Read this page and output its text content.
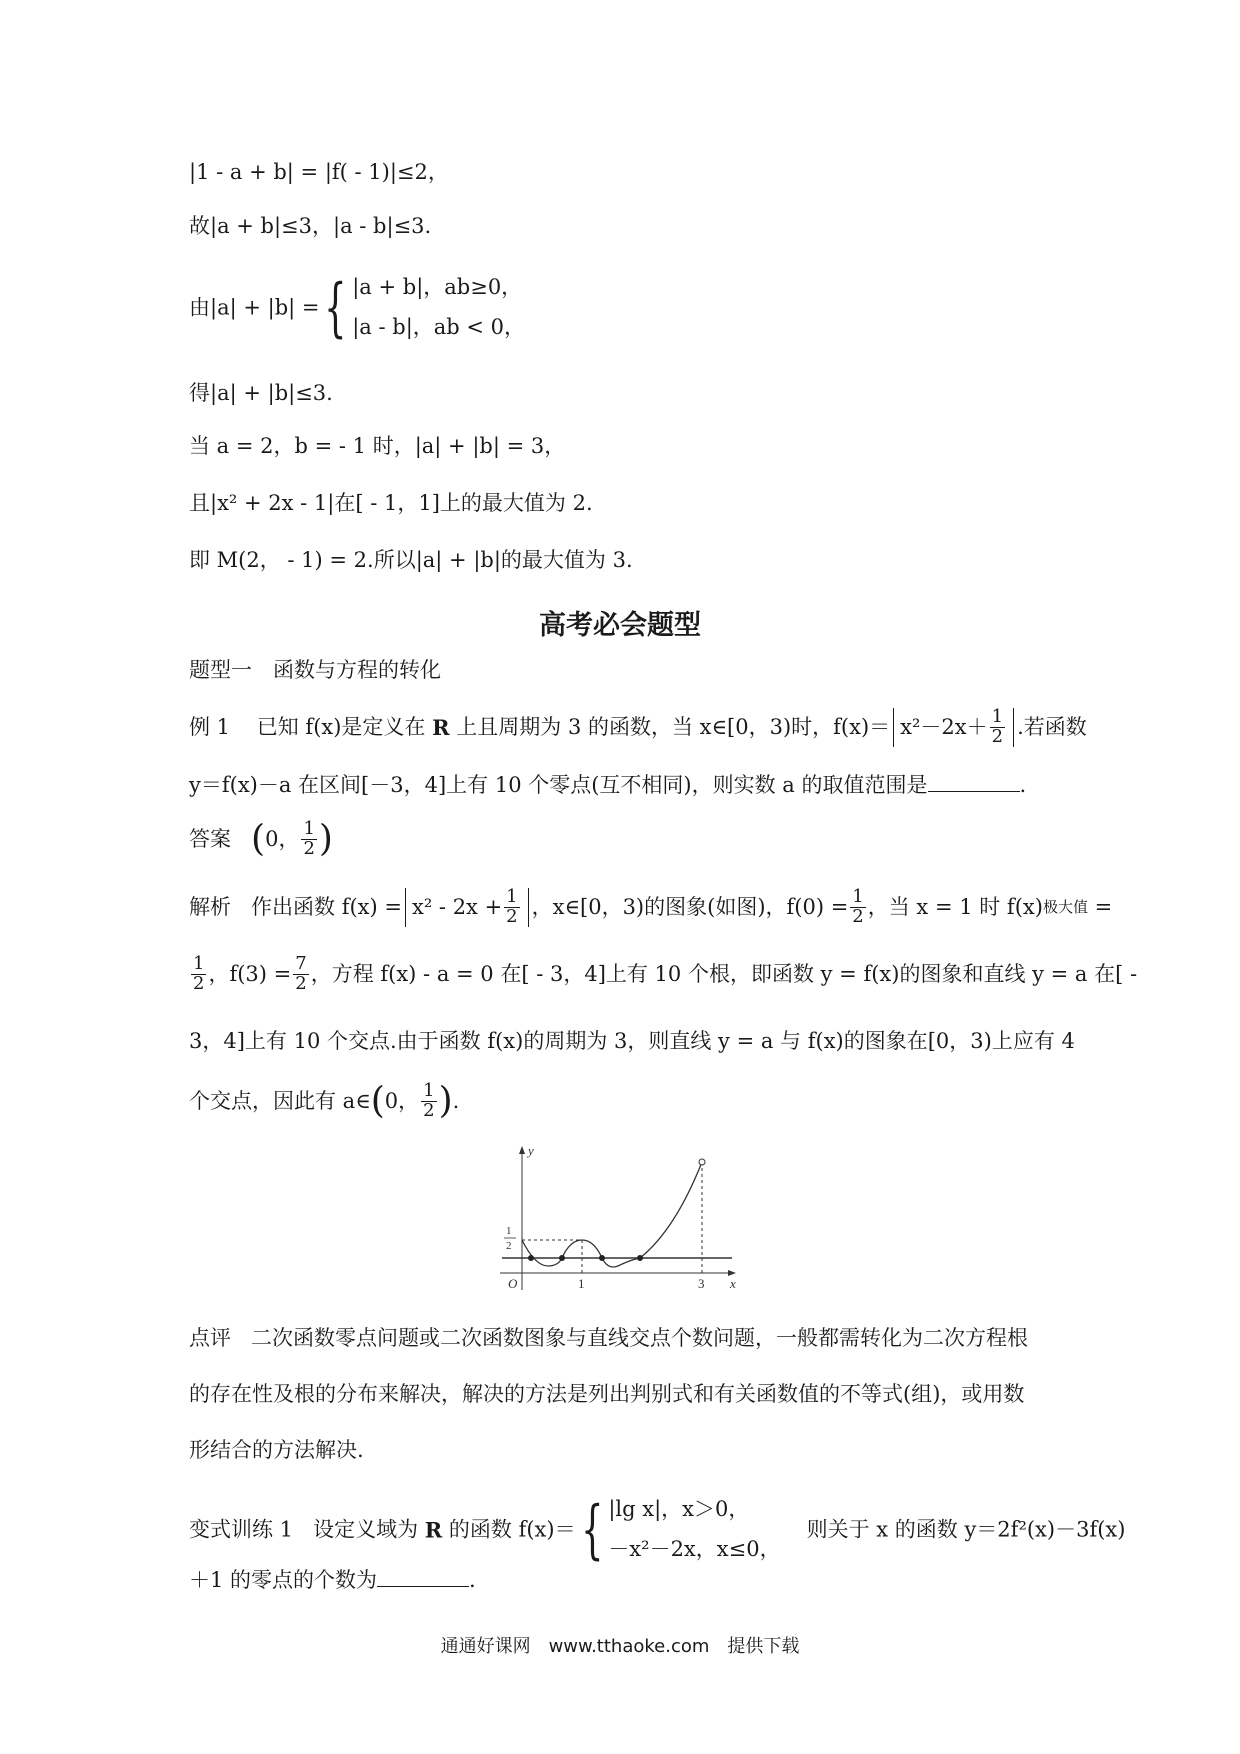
|1 - a + b| = |f( - 1)|≤2，
故|a + b|≤3，|a - b|≤3.
由|a| + |b| ={ |a + b|，ab≥0，
|a - b|，ab < 0，
得|a| + |b|≤3.
当 a = 2，b = - 1 时，|a| + |b| = 3，
且|x² + 2x - 1|在[ - 1，1]上的最大值为 2.
即 M(2， - 1) = 2.所以|a| + |b|的最大值为 3.
高考必会题型
题型一　函数与方程的转化
例 1 已知 f(x)是定义在 R 上且周期为 3 的函数，当 x∈[0，3)时，$f(x)= x^2-2x+ \frac{1}{2}$ .若函数
y＝f(x)－a 在区间[－3，4]上有 10 个零点(互不相同)，则实数 a 的取值范围是	.
答案 (0， $\frac{1}{2}$ )
解析 作出函数 $f(x) = x^2 - 2x + \frac{1}{2}$ ，x∈[0，3)的图象(如图)，$f(0) = \frac{1}{2}$ ，当 x = 1 时 f(x)极大值 =
$\frac{1}{2}$ ，$f(3) = \frac{7}{2}$ ，方程 f(x) - a = 0 在[ - 3，4]上有 10 个根，即函数 y = f(x)的图象和直线 y = a 在[ -
3，4]上有 10 个交点.由于函数 f(x)的周期为 3，则直线 y = a 与 f(x)的图象在[0，3)上应有 4
个交点，因此有 a∈(0， $\frac{1}{2}$ ).
y
x
O	1	3
1
2
点评 二次函数零点问题或二次函数图象与直线交点个数问题，一般都需转化为二次方程根
的存在性及根的分布来解决，解决的方法是列出判别式和有关函数值的不等式(组)，或用数
形结合的方法解决.
变式训练 1 设定义域为 R 的函数 f(x)＝{ |lg x|，x＞0，
－x²－2x，x≤0，
则关于 x 的函数 y＝2f²(x)－3f(x)
＋1 的零点的个数为	.
通通好课网　www.tthaoke.com　提供下载
